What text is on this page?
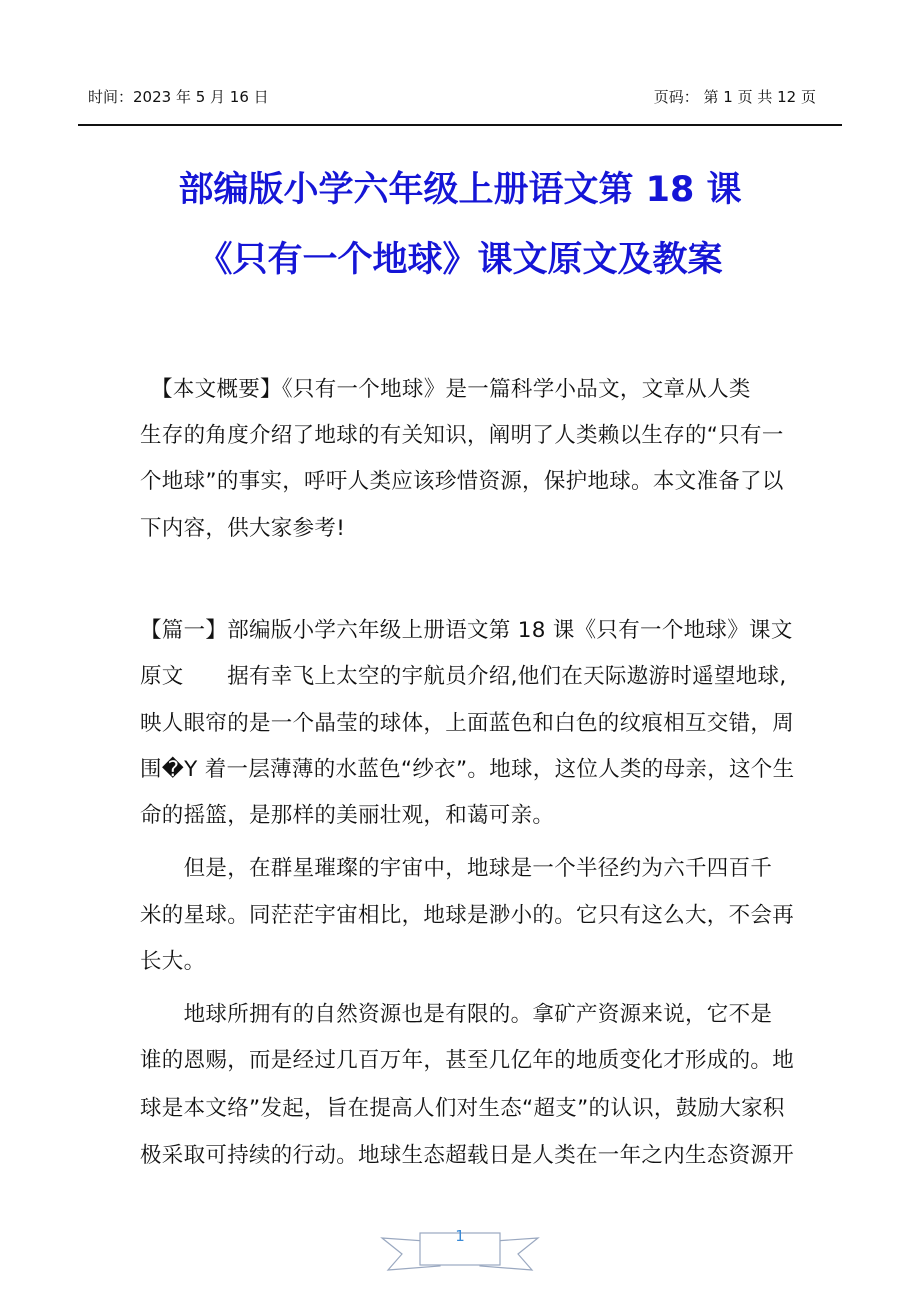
时间：2023 年 5 月 16 日	页码： 第 1 页 共 12 页
部编版小学六年级上册语文第 18 课
《只有一个地球》课文原文及教案
　【本文概要】《只有一个地球》是一篇科学小品文，文章从人类
生存的角度介绍了地球的有关知识，阐明了人类赖以生存的“只有一
个地球”的事实，呼吁人类应该珍惜资源，保护地球。本文准备了以
下内容，供大家参考!
【篇一】部编版小学六年级上册语文第 18 课《只有一个地球》课文
原文　　据有幸飞上太空的宇航员介绍,他们在天际遨游时遥望地球,
映人眼帘的是一个晶莹的球体，上面蓝色和白色的纹痕相互交错，周
围�Y 着一层薄薄的水蓝色“纱衣”。地球，这位人类的母亲，这个生
命的摇篮，是那样的美丽壮观，和蔼可亲。
　　但是，在群星璀璨的宇宙中，地球是一个半径约为六千四百千
米的星球。同茫茫宇宙相比，地球是渺小的。它只有这么大，不会再
长大。
　　地球所拥有的自然资源也是有限的。拿矿产资源来说，它不是
谁的恩赐，而是经过几百万年，甚至几亿年的地质变化才形成的。地
球是本文络”发起，旨在提高人们对生态“超支”的认识，鼓励大家积
极采取可持续的行动。地球生态超载日是人类在一年之内生态资源开
1
